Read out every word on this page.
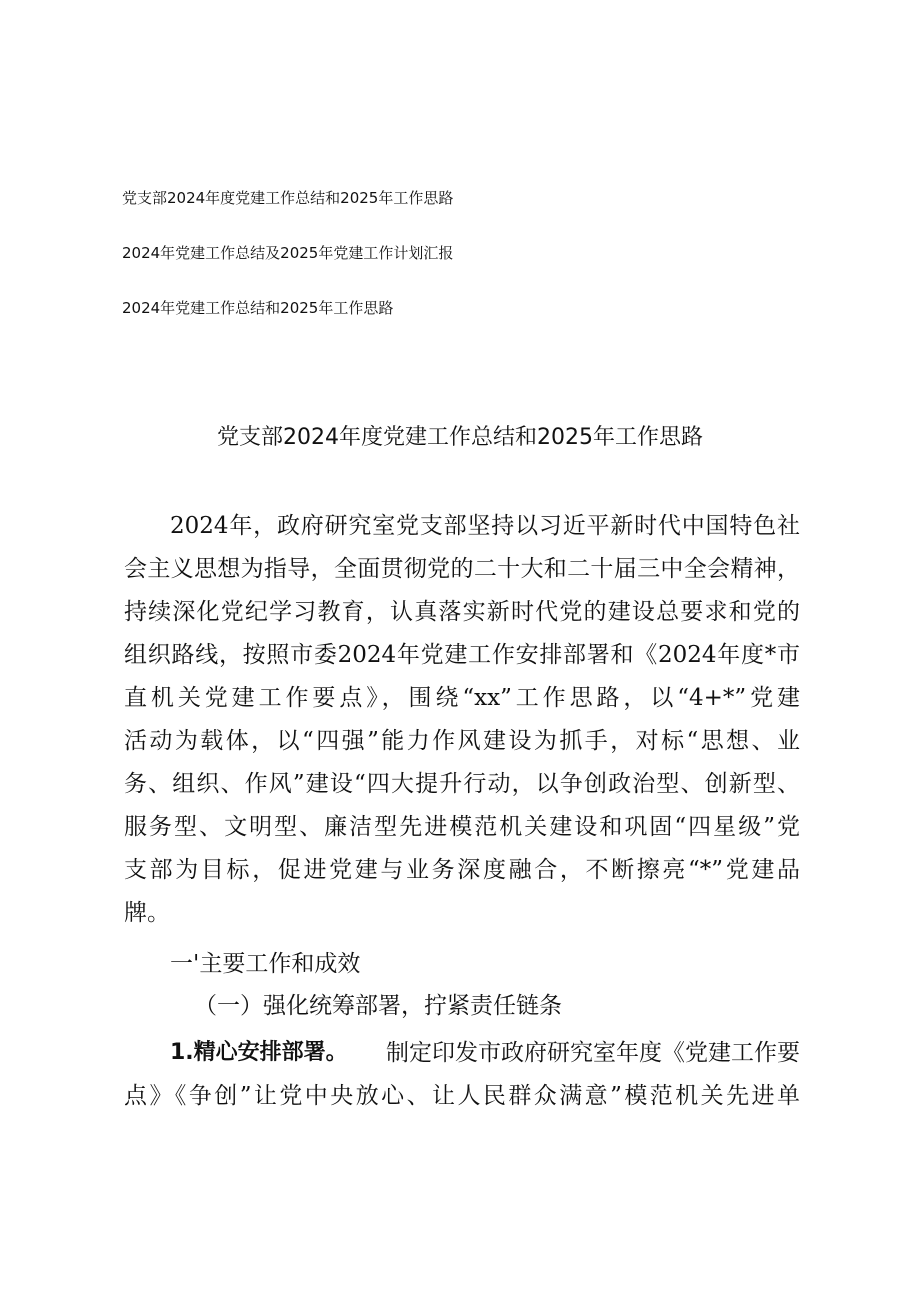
党支部2024年度党建工作总结和2025年工作思路
2024年党建工作总结及2025年党建工作计划汇报
2024年党建工作总结和2025年工作思路
党支部2024年度党建工作总结和2025年工作思路
2024年，政府研究室党支部坚持以习近平新时代中国特色社
会主义思想为指导，全面贯彻党的二十大和二十届三中全会精神，
持续深化党纪学习教育，认真落实新时代党的建设总要求和党的
组织路线，按照市委2024年党建工作安排部署和《2024年度*市
直机关党建工作要点》，围绕“xx”工作思路，以“4+*”党建
活动为载体，以“四强”能力作风建设为抓手，对标“思想、业
务、组织、作风”建设“四大提升行动，以争创政治型、创新型、
服务型、文明型、廉洁型先进模范机关建设和巩固“四星级”党
支部为目标，促进党建与业务深度融合，不断擦亮“*”党建品
牌。
一'主要工作和成效
（一）强化统筹部署，拧紧责任链条
1.精心安排部署。 制定印发市政府研究室年度《党建工作要
点》《争创”让党中央放心、让人民群众满意”模范机关先进单
